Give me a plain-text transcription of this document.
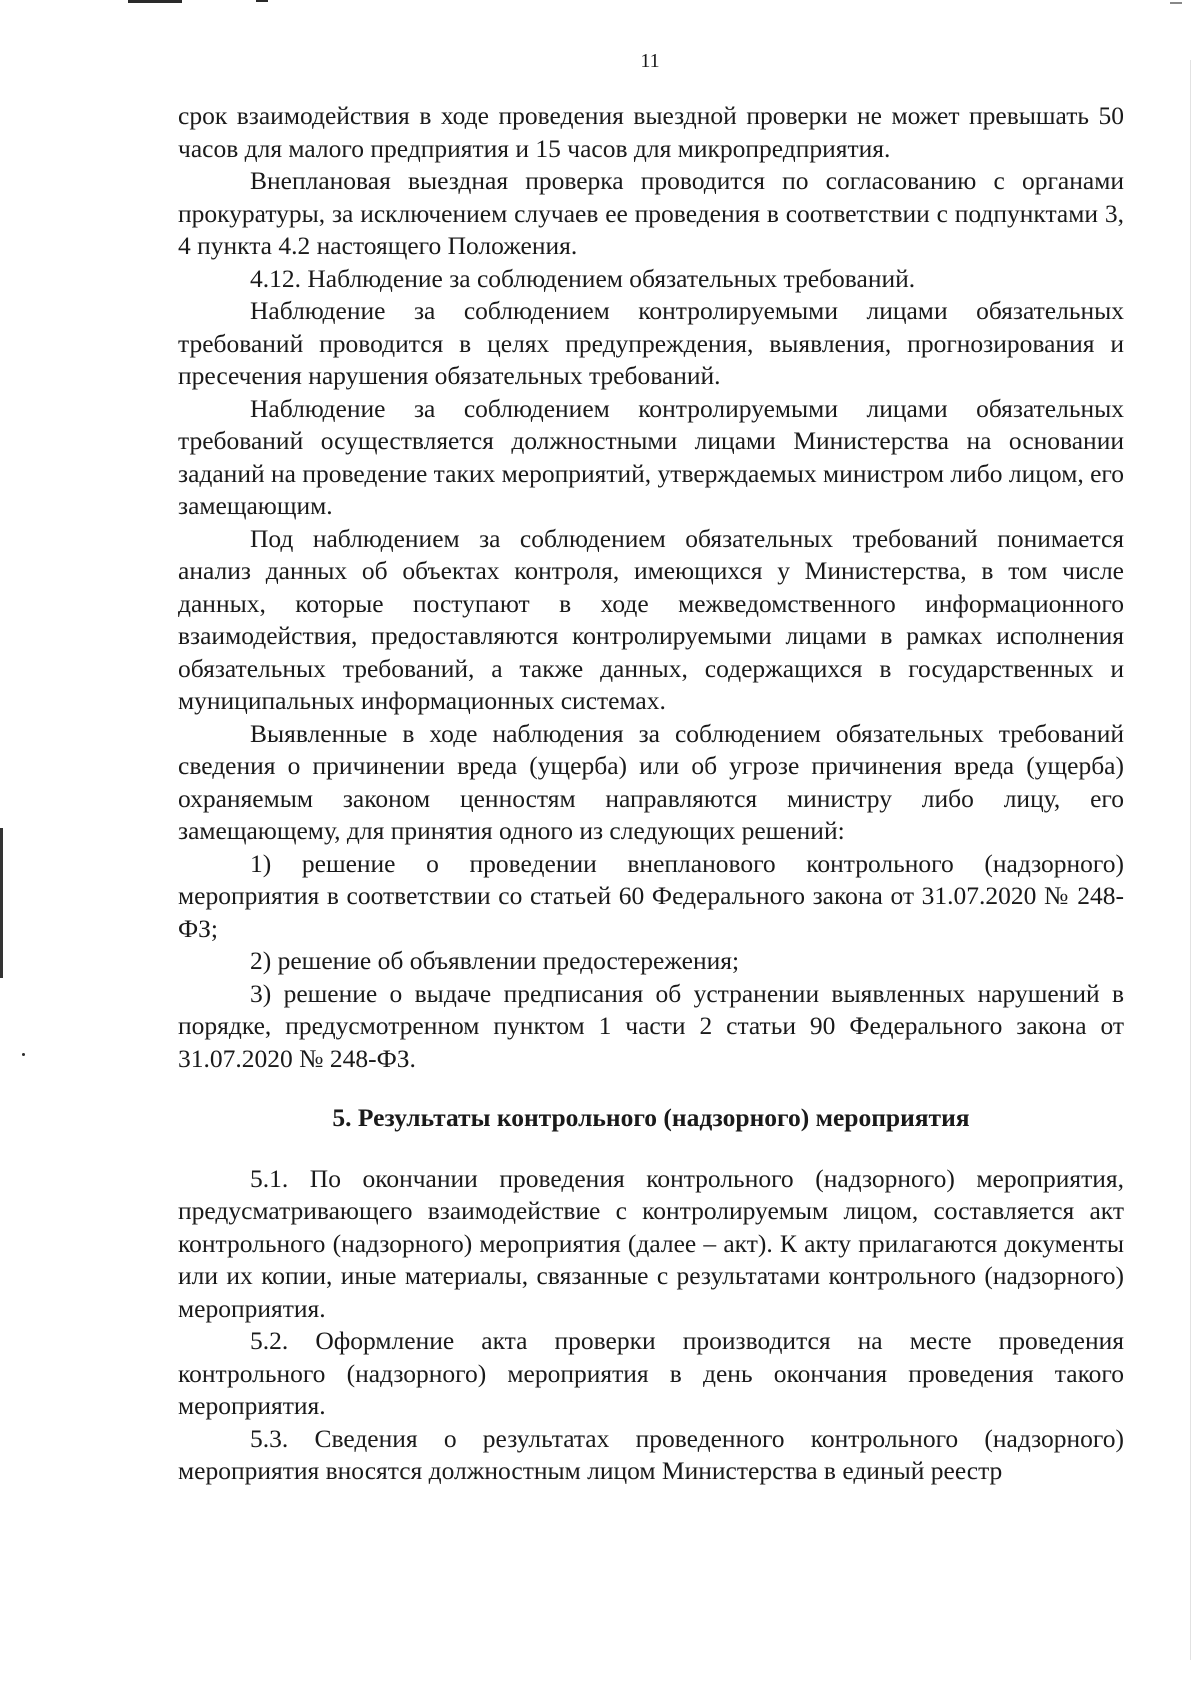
11

срок взаимодействия в ходе проведения выездной проверки не может превышать 50 часов для малого предприятия и 15 часов для микропредприятия.

Внеплановая выездная проверка проводится по согласованию с органами прокуратуры, за исключением случаев ее проведения в соответствии с подпунктами 3, 4 пункта 4.2 настоящего Положения.

4.12. Наблюдение за соблюдением обязательных требований.

Наблюдение за соблюдением контролируемыми лицами обязательных требований проводится в целях предупреждения, выявления, прогнозирования и пресечения нарушения обязательных требований.

Наблюдение за соблюдением контролируемыми лицами обязательных требований осуществляется должностными лицами Министерства на основании заданий на проведение таких мероприятий, утверждаемых министром либо лицом, его замещающим.

Под наблюдением за соблюдением обязательных требований понимается анализ данных об объектах контроля, имеющихся у Министерства, в том числе данных, которые поступают в ходе межведомственного информационного взаимодействия, предоставляются контролируемыми лицами в рамках исполнения обязательных требований, а также данных, содержащихся в государственных и муниципальных информационных системах.

Выявленные в ходе наблюдения за соблюдением обязательных требований сведения о причинении вреда (ущерба) или об угрозе причинения вреда (ущерба) охраняемым законом ценностям направляются министру либо лицу, его замещающему, для принятия одного из следующих решений:

1) решение о проведении внепланового контрольного (надзорного) мероприятия в соответствии со статьей 60 Федерального закона от 31.07.2020 № 248-ФЗ;

2) решение об объявлении предостережения;

3) решение о выдаче предписания об устранении выявленных нарушений в порядке, предусмотренном пунктом 1 части 2 статьи 90 Федерального закона от 31.07.2020 № 248-ФЗ.

5. Результаты контрольного (надзорного) мероприятия

5.1. По окончании проведения контрольного (надзорного) мероприятия, предусматривающего взаимодействие с контролируемым лицом, составляется акт контрольного (надзорного) мероприятия (далее – акт). К акту прилагаются документы или их копии, иные материалы, связанные с результатами контрольного (надзорного) мероприятия.

5.2. Оформление акта проверки производится на месте проведения контрольного (надзорного) мероприятия в день окончания проведения такого мероприятия.

5.3. Сведения о результатах проведенного контрольного (надзорного) мероприятия вносятся должностным лицом Министерства в единый реестр
